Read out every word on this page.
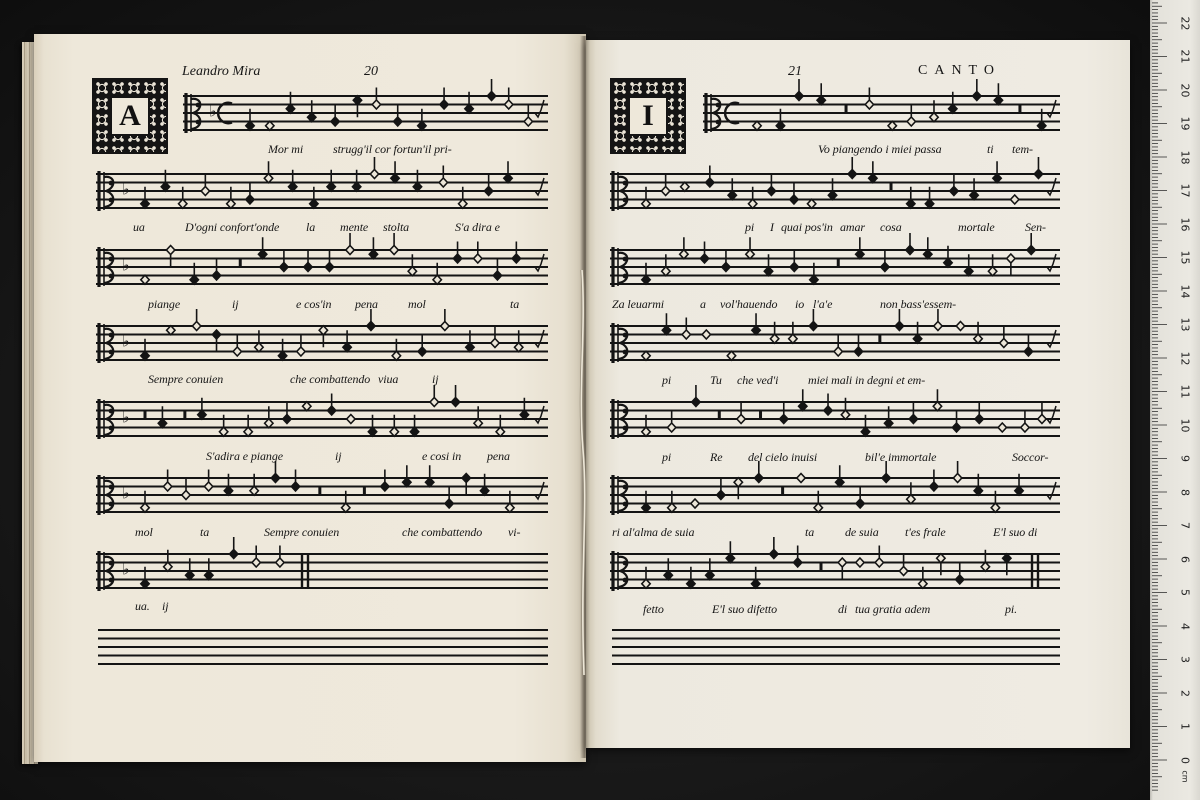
Leandro Mira	20	21	CANTO
A	I
♭
♭
♭
♭
♭
♭
♭
Mor mi strugg'il cor fortun'il pri-
ua	D'ogni confort'onde la mente stolta	S'a dira e
piange	ij	e cos'in pena	mol	ta
Sempre conuien	che combattendo viua	ij
S'adira e piange	ij	e cosi in pena
mol	ta	Sempre conuien	che combattendo vi-
ua. ij
Vo piangendo i miei passa	ti tem-
pi I quai pos'in amar cosa	mortale	Sen-
Za leuarmi	a vol'hauendo io l'a'e	non bass'essem-
pi	Tu che ved'i miei mali in degni et em-
pi	Re del cielo inuisi	bil'e immortale	Soccor-
ri al'alma de suia	ta	de suia t'es frale	E'l suo di
fetto	E'l suo difetto	di tua gratia adem	pi.
0
cm
1
2
3
4
5
6
7
8
9
10
11
12
13
14
15
16
17
18
19
20
21
22
